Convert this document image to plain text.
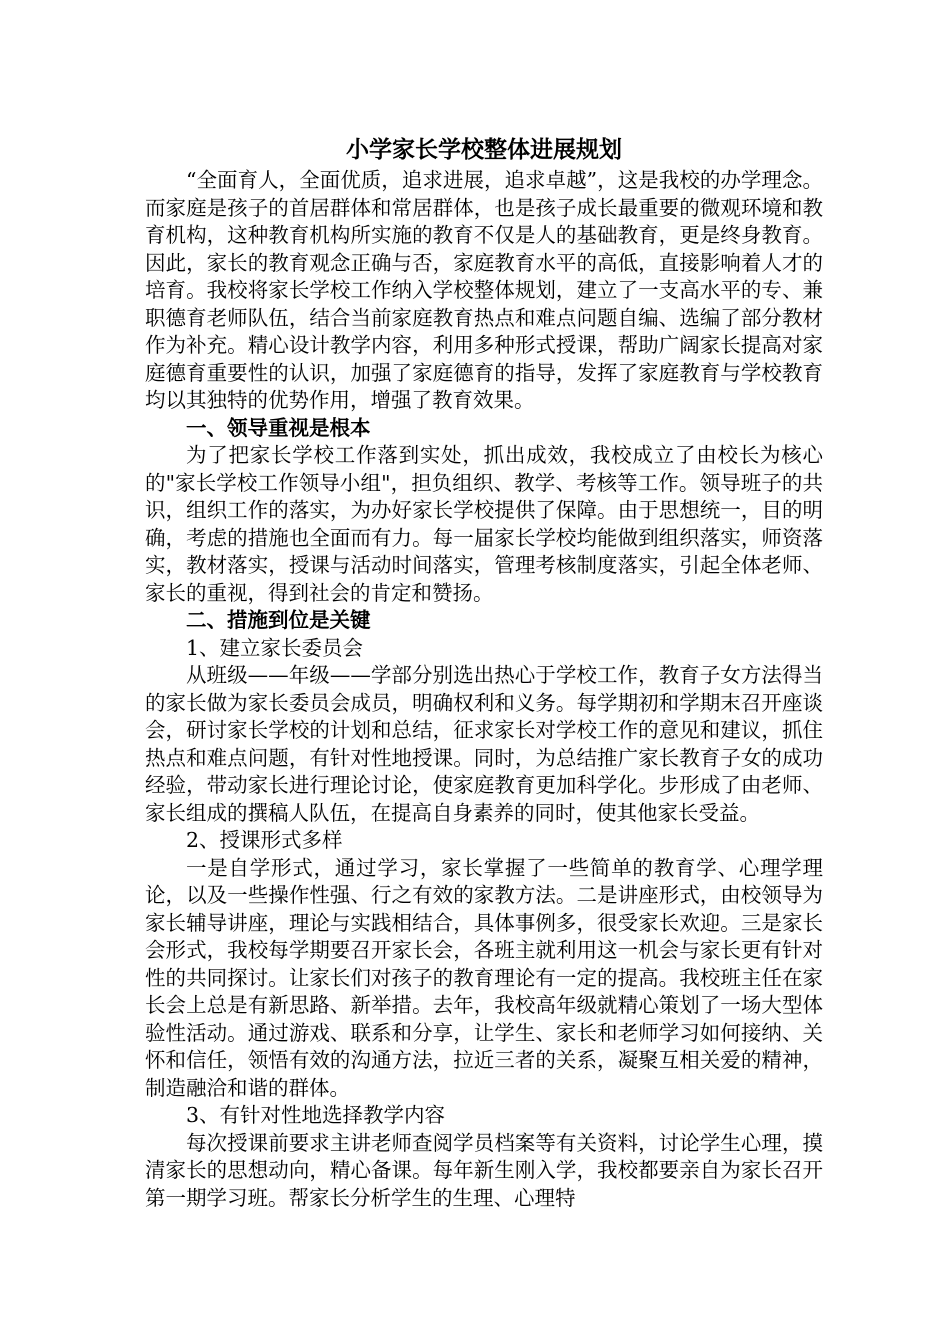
小学家长学校整体进展规划

“全面育人，全面优质，追求进展，追求卓越”，这是我校的办学理念。而家庭是孩子的首居群体和常居群体，也是孩子成长最重要的微观环境和教育机构，这种教育机构所实施的教育不仅是人的基础教育，更是终身教育。因此，家长的教育观念正确与否，家庭教育水平的高低，直接影响着人才的培育。我校将家长学校工作纳入学校整体规划，建立了一支高水平的专、兼职德育老师队伍，结合当前家庭教育热点和难点问题自编、选编了部分教材作为补充。精心设计教学内容，利用多种形式授课，帮助广阔家长提高对家庭德育重要性的认识，加强了家庭德育的指导，发挥了家庭教育与学校教育均以其独特的优势作用，增强了教育效果。

一、领导重视是根本

为了把家长学校工作落到实处，抓出成效，我校成立了由校长为核心的"家长学校工作领导小组"，担负组织、教学、考核等工作。领导班子的共识，组织工作的落实，为办好家长学校提供了保障。由于思想统一，目的明确，考虑的措施也全面而有力。每一届家长学校均能做到组织落实，师资落实，教材落实，授课与活动时间落实，管理考核制度落实，引起全体老师、家长的重视，得到社会的肯定和赞扬。

二、措施到位是关键

1、建立家长委员会

从班级——年级——学部分别选出热心于学校工作，教育子女方法得当的家长做为家长委员会成员，明确权利和义务。每学期初和学期末召开座谈会，研讨家长学校的计划和总结，征求家长对学校工作的意见和建议，抓住热点和难点问题，有针对性地授课。同时，为总结推广家长教育子女的成功经验，带动家长进行理论讨论，使家庭教育更加科学化。步形成了由老师、家长组成的撰稿人队伍，在提高自身素养的同时，使其他家长受益。

2、授课形式多样

一是自学形式，通过学习，家长掌握了一些简单的教育学、心理学理论，以及一些操作性强、行之有效的家教方法。二是讲座形式，由校领导为家长辅导讲座，理论与实践相结合，具体事例多，很受家长欢迎。三是家长会形式，我校每学期要召开家长会，各班主就利用这一机会与家长更有针对性的共同探讨。让家长们对孩子的教育理论有一定的提高。我校班主任在家长会上总是有新思路、新举措。去年，我校高年级就精心策划了一场大型体验性活动。通过游戏、联系和分享，让学生、家长和老师学习如何接纳、关怀和信任，领悟有效的沟通方法，拉近三者的关系，凝聚互相关爱的精神，制造融洽和谐的群体。

3、有针对性地选择教学内容

每次授课前要求主讲老师查阅学员档案等有关资料，讨论学生心理，摸清家长的思想动向，精心备课。每年新生刚入学，我校都要亲自为家长召开第一期学习班。帮家长分析学生的生理、心理特
